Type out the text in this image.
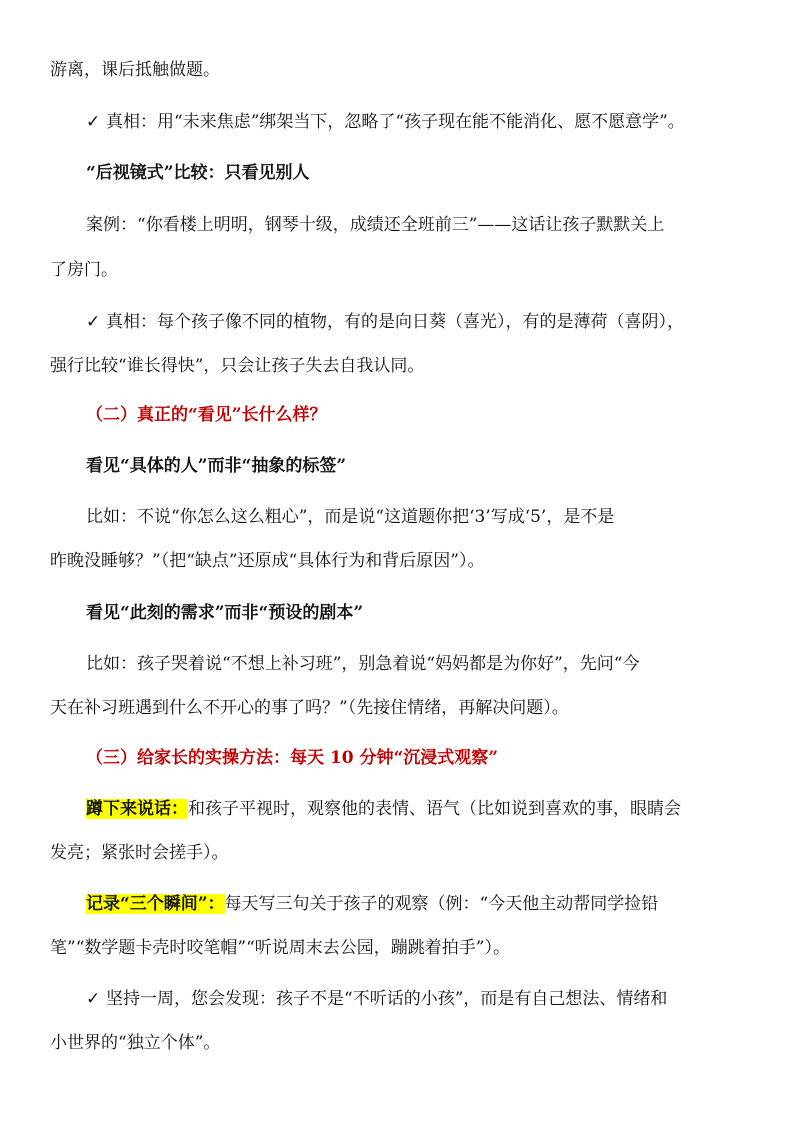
游离，课后抵触做题。
✓ 真相：用“未来焦虑”绑架当下，忽略了“孩子现在能不能消化、愿不愿意学”。
“后视镜式”比较：只看见别人
案例：“你看楼上明明，钢琴十级，成绩还全班前三”——这话让孩子默默关上
了房门。
✓ 真相：每个孩子像不同的植物，有的是向日葵（喜光），有的是薄荷（喜阴），
强行比较“谁长得快”，只会让孩子失去自我认同。
（二）真正的“看见”长什么样？
看见“具体的人”而非“抽象的标签”
比如：不说“你怎么这么粗心”，而是说“这道题你把‘3’写成‘5’，是不是
昨晚没睡够？”（把“缺点”还原成“具体行为和背后原因”）。
看见“此刻的需求”而非“预设的剧本”
比如：孩子哭着说“不想上补习班”，别急着说“妈妈都是为你好”，先问“今
天在补习班遇到什么不开心的事了吗？”（先接住情绪，再解决问题）。
（三）给家长的实操方法：每天 10 分钟“沉浸式观察”
蹲下来说话：和孩子平视时，观察他的表情、语气（比如说到喜欢的事，眼睛会
发亮；紧张时会搓手）。
记录“三个瞬间”：每天写三句关于孩子的观察（例：“今天他主动帮同学捡铅
笔”“数学题卡壳时咬笔帽”“听说周末去公园，蹦跳着拍手”）。
✓ 坚持一周，您会发现：孩子不是“不听话的小孩”，而是有自己想法、情绪和
小世界的“独立个体”。
